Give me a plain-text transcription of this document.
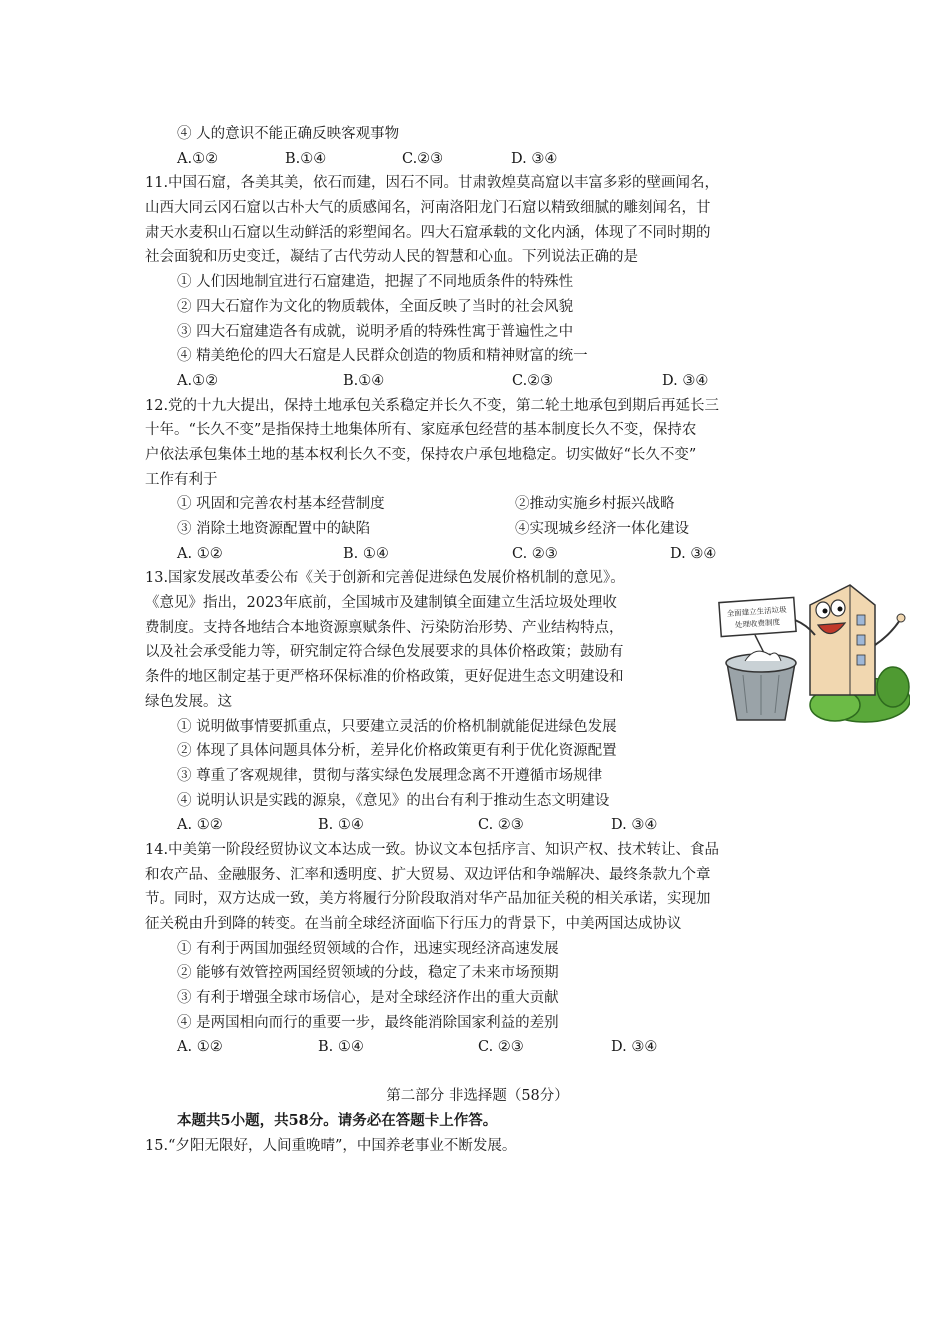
④ 人的意识不能正确反映客观事物
A.①②	B.①④	C.②③	D. ③④
11.中国石窟，各美其美，依石而建，因石不同。甘肃敦煌莫高窟以丰富多彩的壁画闻名，
山西大同云冈石窟以古朴大气的质感闻名，河南洛阳龙门石窟以精致细腻的雕刻闻名，甘
肃天水麦积山石窟以生动鲜活的彩塑闻名。四大石窟承载的文化内涵，体现了不同时期的
社会面貌和历史变迁，凝结了古代劳动人民的智慧和心血。下列说法正确的是
① 人们因地制宜进行石窟建造，把握了不同地质条件的特殊性
② 四大石窟作为文化的物质载体，全面反映了当时的社会风貌
③ 四大石窟建造各有成就，说明矛盾的特殊性寓于普遍性之中
④ 精美绝伦的四大石窟是人民群众创造的物质和精神财富的统一
A.①②	B.①④	C.②③	D. ③④
12.党的十九大提出，保持土地承包关系稳定并长久不变，第二轮土地承包到期后再延长三
十年。“长久不变”是指保持土地集体所有、家庭承包经营的基本制度长久不变，保持农
户依法承包集体土地的基本权利长久不变，保持农户承包地稳定。切实做好“长久不变”
工作有利于
① 巩固和完善农村基本经营制度	②推动实施乡村振兴战略
③ 消除土地资源配置中的缺陷	④实现城乡经济一体化建设
A. ①②	B. ①④	C. ②③	D. ③④
13.国家发展改革委公布《关于创新和完善促进绿色发展价格机制的意见》。
《意见》指出，2023年底前，全国城市及建制镇全面建立生活垃圾处理收
费制度。支持各地结合本地资源禀赋条件、污染防治形势、产业结构特点，
以及社会承受能力等，研究制定符合绿色发展要求的具体价格政策；鼓励有
条件的地区制定基于更严格环保标准的价格政策，更好促进生态文明建设和
绿色发展。这
① 说明做事情要抓重点，只要建立灵活的价格机制就能促进绿色发展
② 体现了具体问题具体分析，差异化价格政策更有利于优化资源配置
③ 尊重了客观规律，贯彻与落实绿色发展理念离不开遵循市场规律
④ 说明认识是实践的源泉，《意见》的出台有利于推动生态文明建设
A. ①②	B. ①④	C. ②③	D. ③④
14.中美第一阶段经贸协议文本达成一致。协议文本包括序言、知识产权、技术转让、食品
和农产品、金融服务、汇率和透明度、扩大贸易、双边评估和争端解决、最终条款九个章
节。同时，双方达成一致，美方将履行分阶段取消对华产品加征关税的相关承诺，实现加
征关税由升到降的转变。在当前全球经济面临下行压力的背景下，中美两国达成协议
① 有利于两国加强经贸领域的合作，迅速实现经济高速发展
② 能够有效管控两国经贸领域的分歧，稳定了未来市场预期
③ 有利于增强全球市场信心，是对全球经济作出的重大贡献
④ 是两国相向而行的重要一步，最终能消除国家利益的差别
A. ①②	B. ①④	C. ②③	D. ③④
第二部分 非选择题（58分）
本题共5小题，共58分。请务必在答题卡上作答。
15.“夕阳无限好，人间重晚晴”，中国养老事业不断发展。
全面建立生活垃圾
处理收费制度
